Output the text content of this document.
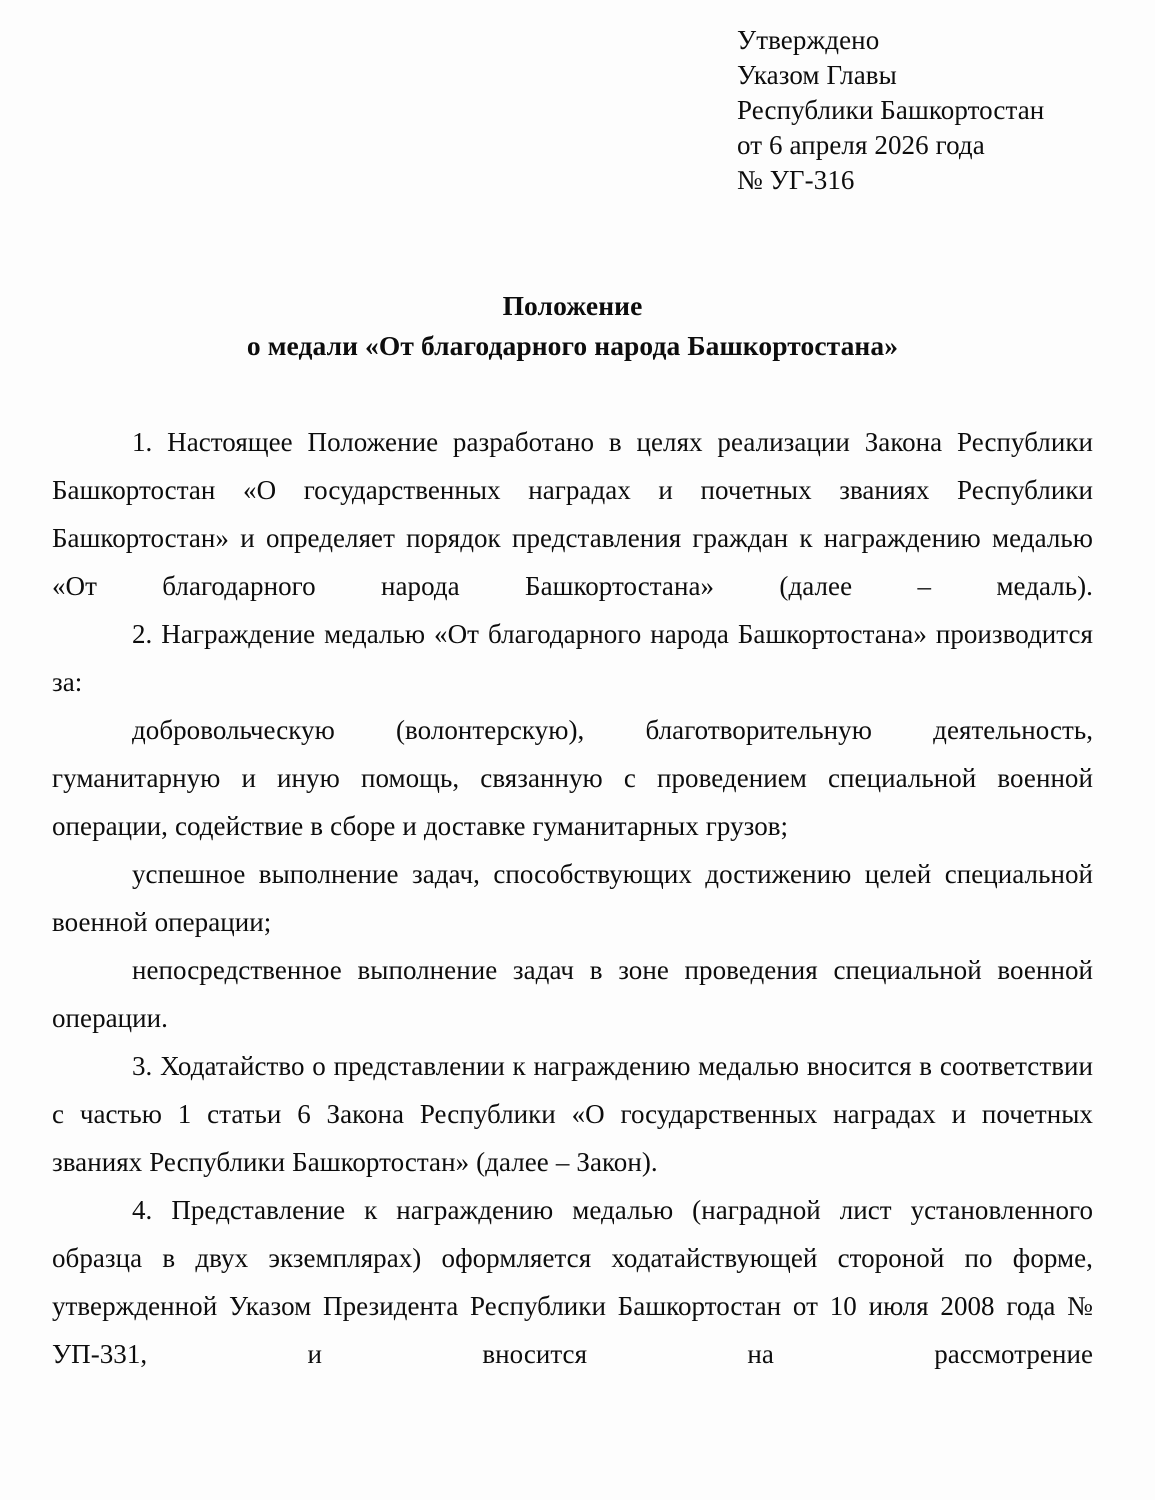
Утверждено
Указом Главы
Республики Башкортостан
от 6 апреля 2026 года
№ УГ-316
Положение
о медали «От благодарного народа Башкортостана»

1. Настоящее Положение разработано в целях реализации Закона Республики Башкортостан «О государственных наградах и почетных званиях Республики Башкортостан» и определяет порядок представления граждан к награждению медалью «От благодарного народа Башкортостана» (далее – медаль).

2. Награждение медалью «От благодарного народа Башкортостана» производится за:

добровольческую (волонтерскую), благотворительную деятельность, гуманитарную и иную помощь, связанную с проведением специальной военной операции, содействие в сборе и доставке гуманитарных грузов;

успешное выполнение задач, способствующих достижению целей специальной военной операции;

непосредственное выполнение задач в зоне проведения специальной военной операции.

3. Ходатайство о представлении к награждению медалью вносится в соответствии с частью 1 статьи 6 Закона Республики «О государственных наградах и почетных званиях Республики Башкортостан» (далее – Закон).

4. Представление к награждению медалью (наградной лист установленного образца в двух экземплярах) оформляется ходатайствующей стороной по форме, утвержденной Указом Президента Республики Башкортостан от 10 июля 2008 года № УП-331, и вносится на рассмотрение
